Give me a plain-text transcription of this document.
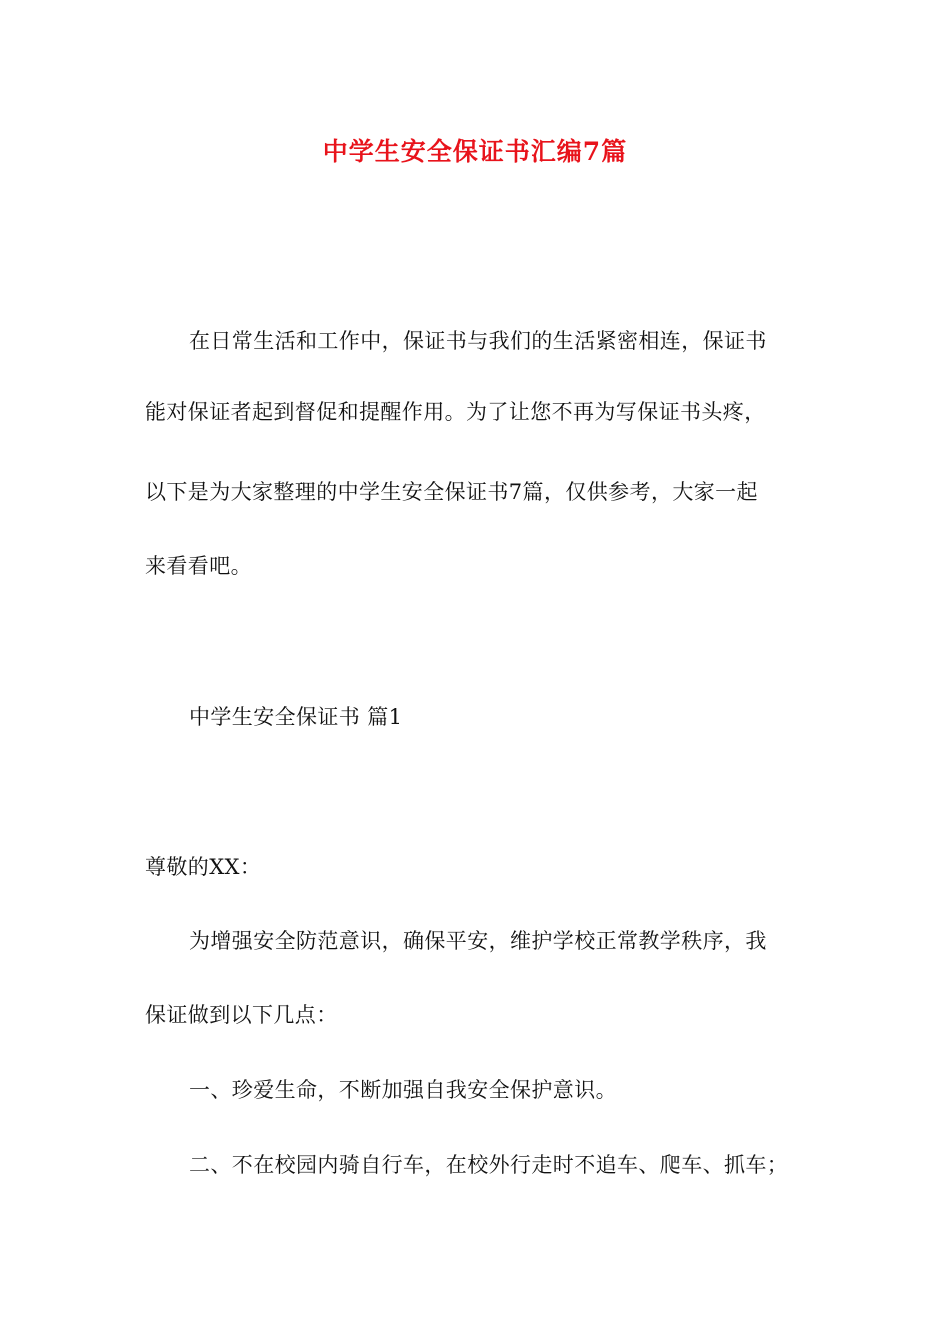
中学生安全保证书汇编7篇
在日常生活和工作中，保证书与我们的生活紧密相连，保证书
能对保证者起到督促和提醒作用。为了让您不再为写保证书头疼，
以下是为大家整理的中学生安全保证书7篇，仅供参考，大家一起
来看看吧。
中学生安全保证书 篇1
尊敬的XX：
为增强安全防范意识，确保平安，维护学校正常教学秩序，我
保证做到以下几点：
一、珍爱生命，不断加强自我安全保护意识。
二、不在校园内骑自行车，在校外行走时不追车、爬车、抓车；
